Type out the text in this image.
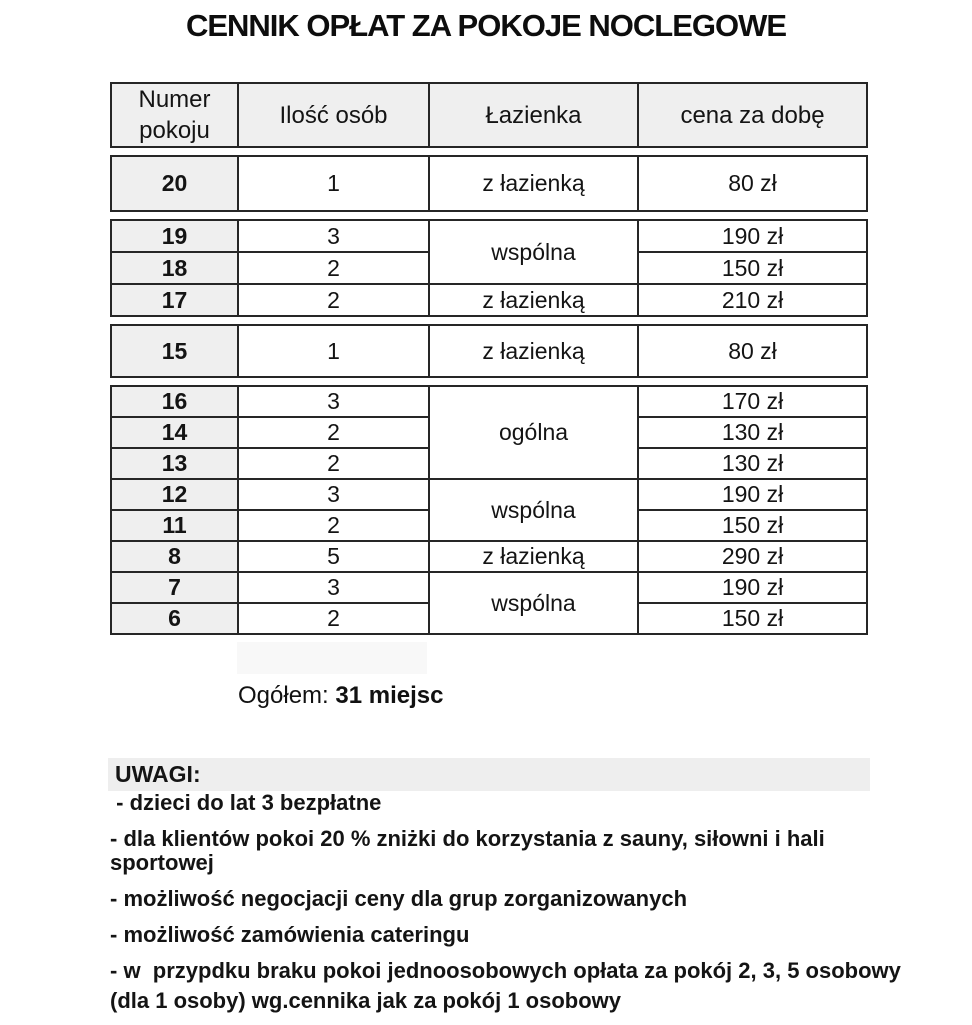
CENNIK OPŁAT ZA POKOJE NOCLEGOWE
Numer pokoju	Ilość osób	Łazienka	cena za dobę
20	1	z łazienką	80 zł
19	3	wspólna	190 zł
18	2		150 zł
17	2	z łazienką	210 zł
15	1	z łazienką	80 zł
16	3	ogólna	170 zł
14	2		130 zł
13	2		130 zł
12	3	wspólna	190 zł
11	2		150 zł
8	5	z łazienką	290 zł
7	3	wspólna	190 zł
6	2		150 zł
Ogółem: 31 miejsc
UWAGI:
- dzieci do lat 3 bezpłatne
- dla klientów pokoi 20 % zniżki do korzystania z sauny, siłowni i hali sportowej
- możliwość negocjacji ceny dla grup zorganizowanych
- możliwość zamówienia cateringu
- w  przypdku braku pokoi jednoosobowych opłata za pokój 2, 3, 5 osobowy
(dla 1 osoby) wg.cennika jak za pokój 1 osobowy
